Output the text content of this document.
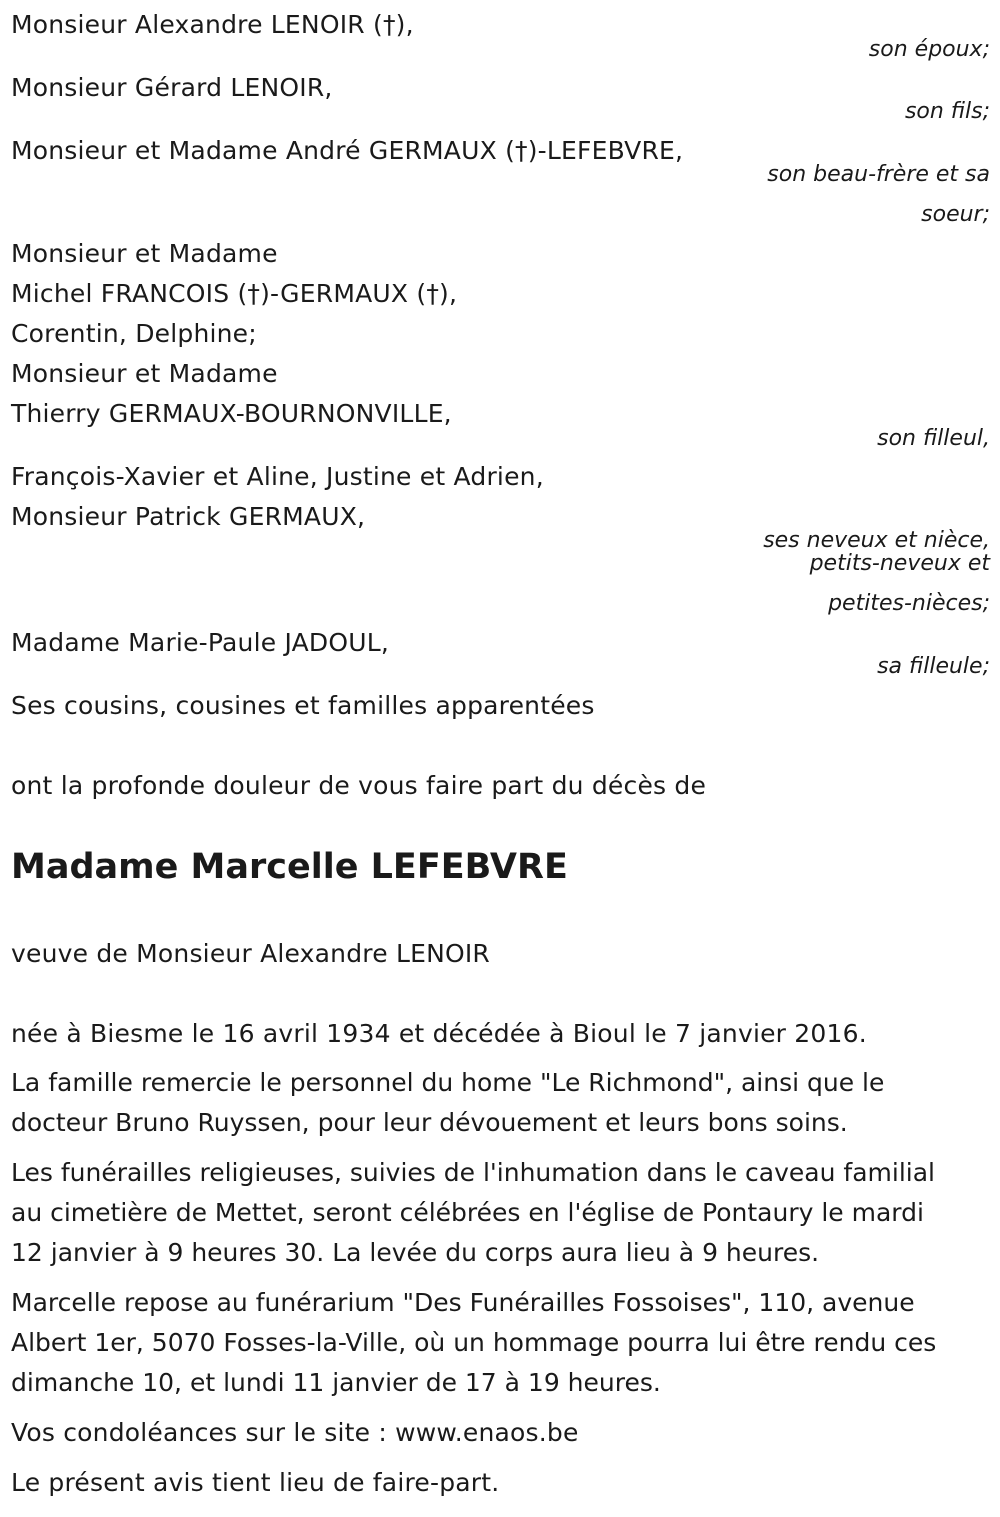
Monsieur Alexandre LENOIR (†),
son époux;
Monsieur Gérard LENOIR,
son fils;
Monsieur et Madame André GERMAUX (†)-LEFEBVRE,
son beau-frère et sa
soeur;
Monsieur et Madame
Michel FRANCOIS (†)-GERMAUX (†),
Corentin, Delphine;
Monsieur et Madame
Thierry GERMAUX-BOURNONVILLE,
son filleul,
François-Xavier et Aline, Justine et Adrien,
Monsieur Patrick GERMAUX,
ses neveux et nièce,
petits-neveux et
petites-nièces;
Madame Marie-Paule JADOUL,
sa filleule;
Ses cousins, cousines et familles apparentées
ont la profonde douleur de vous faire part du décès de
Madame Marcelle LEFEBVRE
veuve de Monsieur Alexandre LENOIR
née à Biesme le 16 avril 1934 et décédée à Bioul le 7 janvier 2016.
La famille remercie le personnel du home "Le Richmond", ainsi que le
docteur Bruno Ruyssen, pour leur dévouement et leurs bons soins.
Les funérailles religieuses, suivies de l'inhumation dans le caveau familial
au cimetière de Mettet, seront célébrées en l'église de Pontaury le mardi
12 janvier à 9 heures 30. La levée du corps aura lieu à 9 heures.
Marcelle repose au funérarium "Des Funérailles Fossoises", 110, avenue
Albert 1er, 5070 Fosses-la-Ville, où un hommage pourra lui être rendu ces
dimanche 10, et lundi 11 janvier de 17 à 19 heures.
Vos condoléances sur le site : www.enaos.be
Le présent avis tient lieu de faire-part.
